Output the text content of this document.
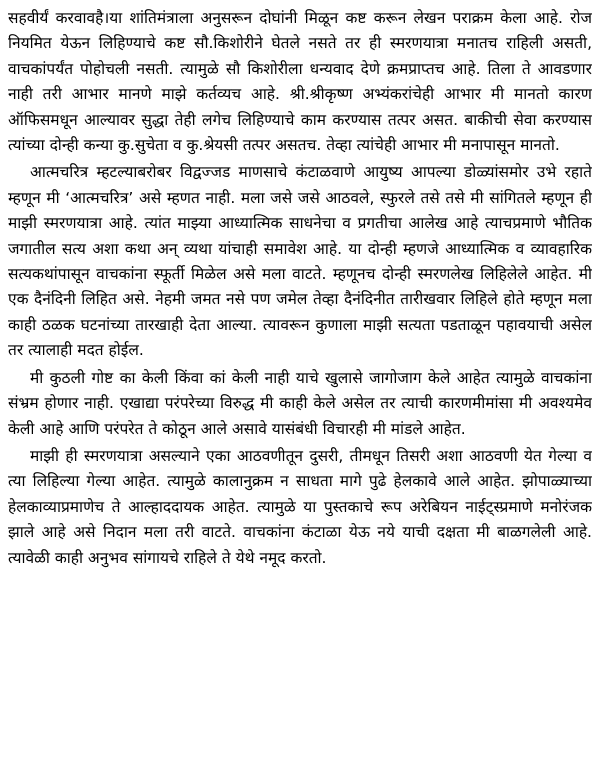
सहवीर्यं करवावहै।या शांतिमंत्राला अनुसरून दोघांनी मिळून कष्ट करून लेखन पराक्रम केला आहे. रोज नियमित येऊन लिहिण्याचे कष्ट सौ.किशोरीने घेतले नसते तर ही स्मरणयात्रा मनातच राहिली असती, वाचकांपर्यंत पोहोचली नसती. त्यामुळे सौ किशोरीला धन्यवाद देणे क्रमप्राप्तच आहे. तिला ते आवडणार नाही तरी आभार मानणे माझे कर्तव्यच आहे. श्री.श्रीकृष्ण अभ्यंकरांचेही आभार मी मानतो कारण ऑफिसमधून आल्यावर सुद्धा तेही लगेच लिहिण्याचे काम करण्यास तत्पर असत. बाकीची सेवा करण्यास त्यांच्या दोन्ही कन्या कु.सुचेता व कु.श्रेयसी तत्पर असतच. तेव्हा त्यांचेही आभार मी मनापासून मानतो.

आत्मचरित्र म्हटल्याबरोबर विद्वज्जड माणसाचे कंटाळवाणे आयुष्य आपल्या डोळ्यांसमोर उभे रहाते म्हणून मी ‘आत्मचरित्र’ असे म्हणत नाही. मला जसे जसे आठवले, स्फुरले तसे तसे मी सांगितले म्हणून ही माझी स्मरणयात्रा आहे. त्यांत माझ्या आध्यात्मिक साधनेचा व प्रगतीचा आलेख आहे त्याचप्रमाणे भौतिक जगातील सत्य अशा कथा अन् व्यथा यांचाही समावेश आहे. या दोन्ही म्हणजे आध्यात्मिक व व्यावहारिक सत्यकथांपासून वाचकांना स्फूर्ती मिळेल असे मला वाटते. म्हणूनच दोन्ही स्मरणलेख लिहिलेले आहेत. मी एक दैनंदिनी लिहित असे. नेहमी जमत नसे पण जमेल तेव्हा दैनंदिनीत तारीखवार लिहिले होते म्हणून मला काही ठळक घटनांच्या तारखाही देता आल्या. त्यावरून कुणाला माझी सत्यता पडताळून पहावयाची असेल तर त्यालाही मदत होईल.

मी कुठली गोष्ट का केली किंवा कां केली नाही याचे खुलासे जागोजाग केले आहेत त्यामुळे वाचकांना संभ्रम होणार नाही. एखाद्या परंपरेच्या विरुद्ध मी काही केले असेल तर त्याची कारणमीमांसा मी अवश्यमेव केली आहे आणि परंपरेत ते कोठून आले असावे यासंबंधी विचारही मी मांडले आहेत.

माझी ही स्मरणयात्रा असल्याने एका आठवणीतून दुसरी, तीमधून तिसरी अशा आठवणी येत गेल्या व त्या लिहिल्या गेल्या आहेत. त्यामुळे कालानुक्रम न साधता मागे पुढे हेलकावे आले आहेत. झोपाळ्याच्या हेलकाव्याप्रमाणेच ते आल्हाददायक आहेत. त्यामुळे या पुस्तकाचे रूप अरेबियन नाईट्स्प्रमाणे मनोरंजक झाले आहे असे निदान मला तरी वाटते. वाचकांना कंटाळा येऊ नये याची दक्षता मी बाळगलेली आहे. त्यावेळी काही अनुभव सांगायचे राहिले ते येथे नमूद करतो.
